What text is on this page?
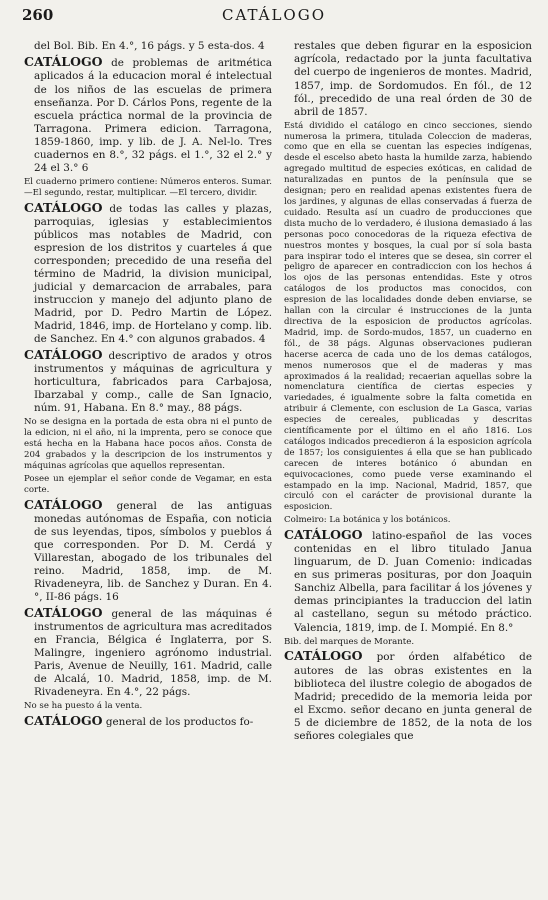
260	CATÁLOGO

del Bol. Bib. En 4.°, 16 págs. y 5 esta-dos. 4

CATÁLOGO de problemas de aritmética aplicados á la educacion moral é intelectual de los niños de las escuelas de primera enseñanza. Por D. Cárlos Pons, regente de la escuela práctica normal de la provincia de Tarragona. Primera edicion. Tarragona, 1859-1860, imp. y lib. de J. A. Nel-lo. Tres cuadernos en 8.°, 32 págs. el 1.°, 32 el 2.° y 24 el 3.° 6

El cuaderno primero contiene: Números enteros. Sumar.—El segundo, restar, multiplicar. —El tercero, dividir.

CATÁLOGO de todas las calles y plazas, parroquias, iglesias y establecimientos públicos mas notables de Madrid, con espresion de los distritos y cuarteles á que corresponden; precedido de una reseña del término de Madrid, la division municipal, judicial y demarcacion de arrabales, para instruccion y manejo del adjunto plano de Madrid, por D. Pedro Martin de López. Madrid, 1846, imp. de Hortelano y comp. lib. de Sanchez. En 4.° con algunos grabados. 4

CATÁLOGO descriptivo de arados y otros instrumentos y máquinas de agricultura y horticultura, fabricados para Carbajosa, Ibarzabal y comp., calle de San Ignacio, núm. 91, Habana. En 8.° may., 88 págs.

No se designa en la portada de esta obra ni el punto de la edicion, ni el año, ni la imprenta, pero se conoce que está hecha en la Habana hace pocos años. Consta de 204 grabados y la descripcion de los instrumentos y máquinas agrícolas que aquellos representan.

Posee un ejemplar el señor conde de Vegamar, en esta corte.

CATÁLOGO general de las antiguas monedas autónomas de España, con noticia de sus leyendas, tipos, símbolos y pueblos á que corresponden. Por D. M. Cerdá y Villarestan, abogado de los tribunales del reino. Madrid, 1858, imp. de M. Rivadeneyra, lib. de Sanchez y Duran. En 4.°, II-86 págs. 16

CATÁLOGO general de las máquinas é instrumentos de agricultura mas acreditados en Francia, Bélgica é Inglaterra, por S. Malingre, ingeniero agrónomo industrial. Paris, Avenue de Neuilly, 161. Madrid, calle de Alcalá, 10. Madrid, 1858, imp. de M. Rivadeneyra. En 4.°, 22 págs.

No se ha puesto á la venta.

CATÁLOGO general de los productos fo-

restales que deben figurar en la esposicion agrícola, redactado por la junta facultativa del cuerpo de ingenieros de montes. Madrid, 1857, imp. de Sordomudos. En fól., de 12 fól., precedido de una real órden de 30 de abril de 1857.

Está dividido el catálogo en cinco secciones, siendo numerosa la primera, titulada Coleccion de maderas, como que en ella se cuentan las especies indígenas, desde el escelso abeto hasta la humilde zarza, habiendo agregado multitud de especies exóticas, en calidad de naturalizadas en puntos de la península que se designan; pero en realidad apenas existentes fuera de los jardines, y algunas de ellas conservadas á fuerza de cuidado. Resulta así un cuadro de producciones que dista mucho de lo verdadero, é ilusiona demasiado á las personas poco conocedoras de la riqueza efectiva de nuestros montes y bosques, la cual por sí sola basta para inspirar todo el interes que se desea, sin correr el peligro de aparecer en contradiccion con los hechos á los ojos de las personas entendidas. Este y otros catálogos de los productos mas conocidos, con espresion de las localidades donde deben enviarse, se hallan con la circular é instrucciones de la junta directiva de la esposicion de productos agrícolas. Madrid, imp. de Sordo-mudos, 1857, un cuaderno en fól., de 38 págs. Algunas observaciones pudieran hacerse acerca de cada uno de los demas catálogos, menos numerosos que el de maderas y mas aproximados á la realidad; recaerian aquellas sobre la nomenclatura científica de ciertas especies y variedades, é igualmente sobre la falta cometida en atribuir á Clemente, con esclusion de La Gasca, varias especies de cereales, publicadas y descritas científicamente por el último en el año 1816. Los catálogos indicados precedieron á la esposicion agrícola de 1857; los consiguientes á ella que se han publicado carecen de interes botánico ó abundan en equivocaciones, como puede verse examinando el estampado en la imp. Nacional, Madrid, 1857, que circuló con el carácter de provisional durante la esposicion.

Colmeiro: La botánica y los botánicos.

CATÁLOGO latino-español de las voces contenidas en el libro titulado Janua linguarum, de D. Juan Comenio: indicadas en sus primeras posituras, por don Joaquin Sanchiz Albella, para facilitar á los jóvenes y demas principiantes la traduccion del latin al castellano, segun su método práctico. Valencia, 1819, imp. de I. Mompié. En 8.°

Bib. del marques de Morante.

CATÁLOGO por órden alfabético de autores de las obras existentes en la biblioteca del ilustre colegio de abogados de Madrid; precedido de la memoria leida por el Excmo. señor decano en junta general de 5 de diciembre de 1852, de la nota de los señores colegiales que
